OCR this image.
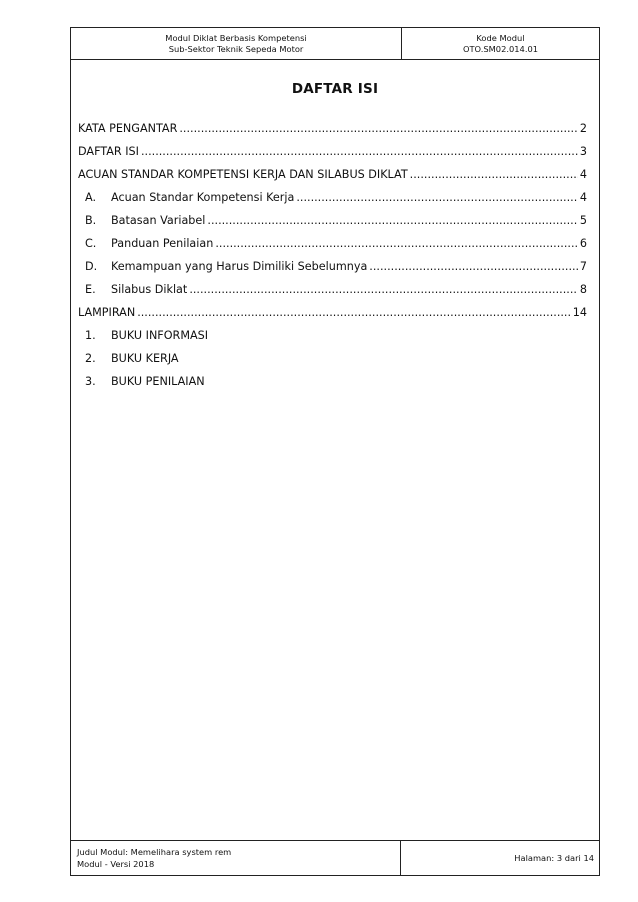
Modul Diklat Berbasis Kompetensi
Sub-Sektor Teknik Sepeda Motor
Kode Modul
OTO.SM02.014.01
DAFTAR ISI
KATA PENGANTAR .....	2
DAFTAR ISI .....	3
ACUAN STANDAR KOMPETENSI KERJA DAN SILABUS DIKLAT .....	4
A.	Acuan Standar Kompetensi Kerja .....	4
B.	Batasan Variabel .....	5
C.	Panduan Penilaian .....	6
D.	Kemampuan yang Harus Dimiliki Sebelumnya .....	7
E.	Silabus Diklat .....	8
LAMPIRAN .....	14
1.	BUKU INFORMASI
2.	BUKU KERJA
3.	BUKU PENILAIAN
Judul Modul: Memelihara system rem
Modul - Versi 2018
Halaman: 3 dari 14
